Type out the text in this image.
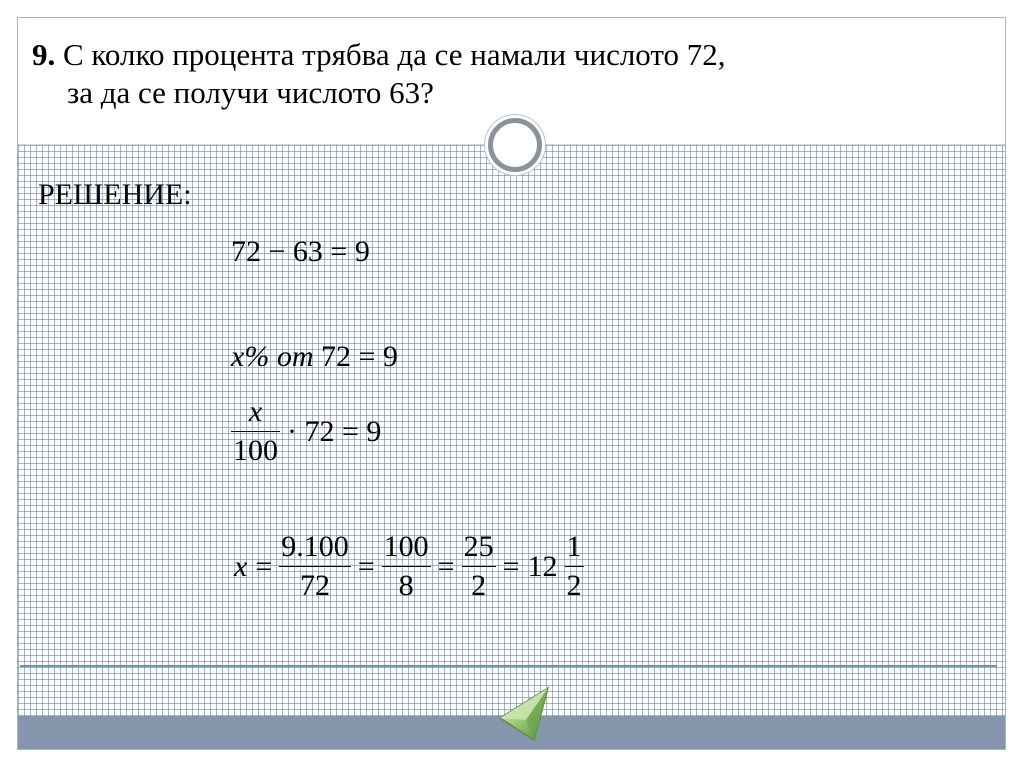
9. С колко процента трябва да се намали числото 72,
за да се получи числото 63?
РЕШЕНИЕ:
72 − 63 = 9
x% от 72 = 9
$\frac{x}{100} \cdot 72 = 9$
$x = \frac{9.100}{72} = \frac{100}{8} = \frac{25}{2} = 12 \frac{1}{2}$
